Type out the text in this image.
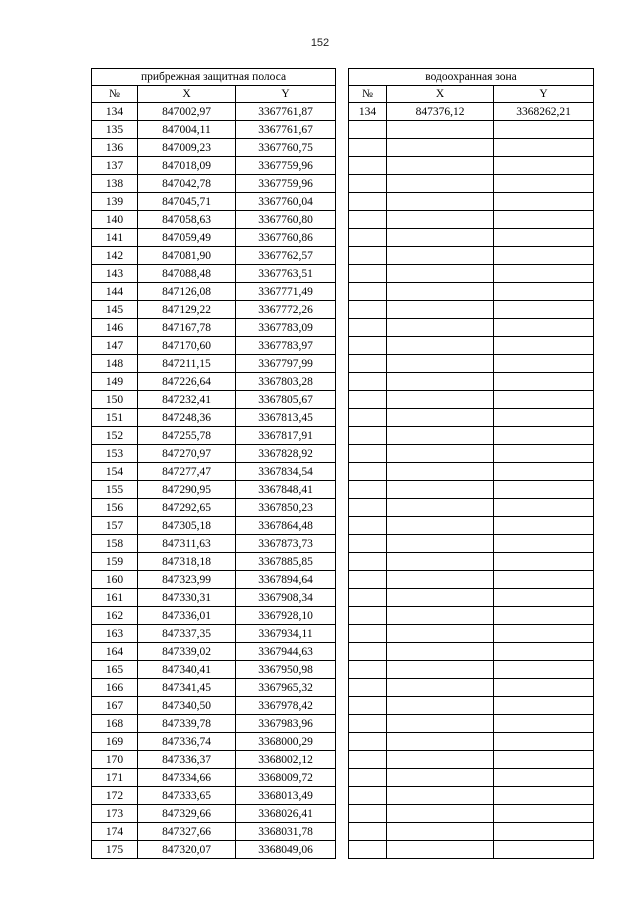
152
прибрежная защитная полоса				водоохранная зона		
№	X	Y		№	X	Y
134	847002,97	3367761,87		134	847376,12	3368262,21
135	847004,11	3367761,67				
136	847009,23	3367760,75				
137	847018,09	3367759,96				
138	847042,78	3367759,96				
139	847045,71	3367760,04				
140	847058,63	3367760,80				
141	847059,49	3367760,86				
142	847081,90	3367762,57				
143	847088,48	3367763,51				
144	847126,08	3367771,49				
145	847129,22	3367772,26				
146	847167,78	3367783,09				
147	847170,60	3367783,97				
148	847211,15	3367797,99				
149	847226,64	3367803,28				
150	847232,41	3367805,67				
151	847248,36	3367813,45				
152	847255,78	3367817,91				
153	847270,97	3367828,92				
154	847277,47	3367834,54				
155	847290,95	3367848,41				
156	847292,65	3367850,23				
157	847305,18	3367864,48				
158	847311,63	3367873,73				
159	847318,18	3367885,85				
160	847323,99	3367894,64				
161	847330,31	3367908,34				
162	847336,01	3367928,10				
163	847337,35	3367934,11				
164	847339,02	3367944,63				
165	847340,41	3367950,98				
166	847341,45	3367965,32				
167	847340,50	3367978,42				
168	847339,78	3367983,96				
169	847336,74	3368000,29				
170	847336,37	3368002,12				
171	847334,66	3368009,72				
172	847333,65	3368013,49				
173	847329,66	3368026,41				
174	847327,66	3368031,78				
175	847320,07	3368049,06				
